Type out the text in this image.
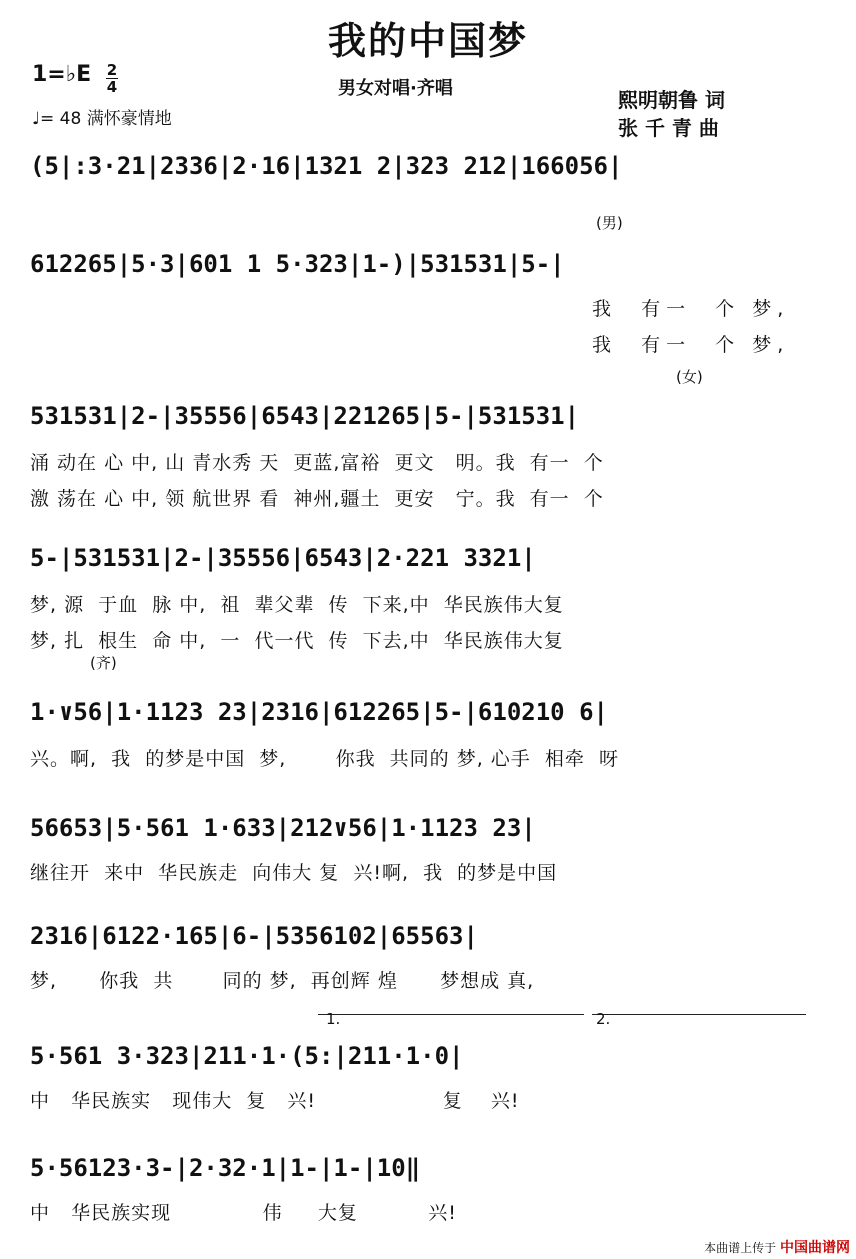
我的中国梦
1=♭E 2
4
♩= 48 满怀豪情地
男女对唱·齐唱	熙明朝鲁 词
张 千 青 曲
(5|:3·21|2336|2·16|1321 2|323 212|166056|
(男)
612265|5·3|601 1 5·323|1-)|531531|5-|
我  有一  个 梦,
我  有一  个 梦,
(女)
531531|2-|35556|6543|221265|5-|531531|
涌 动在 心 中, 山 青水秀 天  更蓝,富裕  更文   明。我  有一  个
激 荡在 心 中, 领 航世界 看  神州,疆土  更安   宁。我  有一  个
5-|531531|2-|35556|6543|2·221 3321|
梦, 源  于血  脉 中,  祖  辈父辈  传  下来,中  华民族伟大复
梦, 扎  根生  命 中,  一  代一代  传  下去,中  华民族伟大复
(齐)
1·∨56|1·1123 23|2316|612265|5-|610210 6|
兴。啊,  我  的梦是中国  梦,       你我  共同的 梦, 心手  相牵  呀
56653|5·561 1·633|212∨56|1·1123 23|
继往开  来中  华民族走  向伟大 复  兴!啊,  我  的梦是中国
2316|6122·165|6-|5356102|65563|
梦,      你我  共       同的 梦,  再创辉 煌      梦想成 真,
1.	2.
5·561 3·323|211·1·(5:|211·1·0|
中   华民族实   现伟大  复   兴!                  复    兴!
5·56123·3-|2·32·1|1-|1-|10‖
中   华民族实现             伟     大复          兴!
本曲谱上传于 中国曲谱网
